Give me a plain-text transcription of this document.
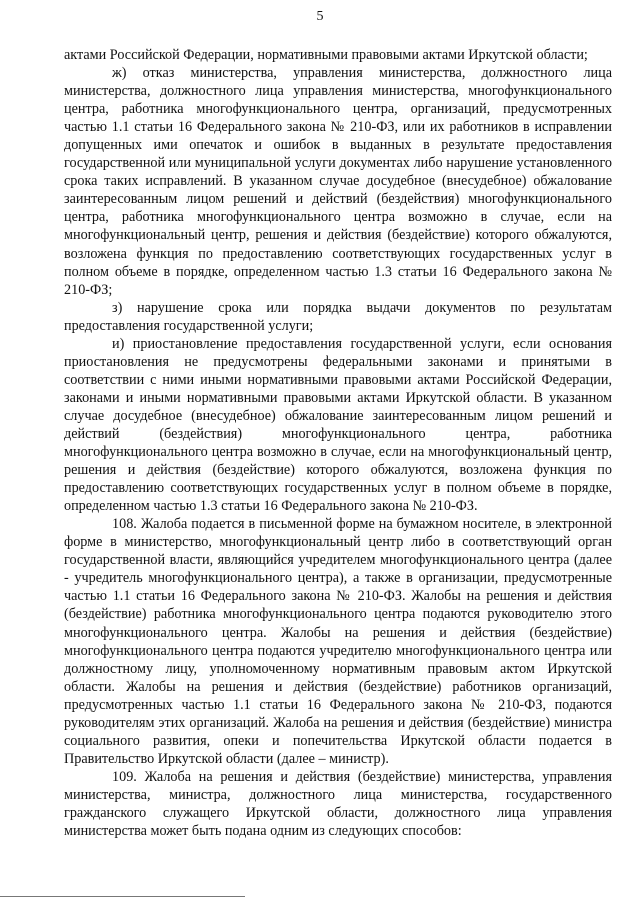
5

актами Российской Федерации, нормативными правовыми актами Иркутской области;

ж) отказ министерства, управления министерства, должностного лица министерства, должностного лица управления министерства, многофункционального центра, работника многофункционального центра, организаций, предусмотренных частью 1.1 статьи 16 Федерального закона № 210-ФЗ, или их работников в исправлении допущенных ими опечаток и ошибок в выданных в результате предоставления государственной или муниципальной услуги документах либо нарушение установленного срока таких исправлений. В указанном случае досудебное (внесудебное) обжалование заинтересованным лицом решений и действий (бездействия) многофункционального центра, работника многофункционального центра возможно в случае, если на многофункциональный центр, решения и действия (бездействие) которого обжалуются, возложена функция по предоставлению соответствующих государственных услуг в полном объеме в порядке, определенном частью 1.3 статьи 16 Федерального закона № 210-ФЗ;

з) нарушение срока или порядка выдачи документов по результатам предоставления государственной услуги;

и) приостановление предоставления государственной услуги, если основания приостановления не предусмотрены федеральными законами и принятыми в соответствии с ними иными нормативными правовыми актами Российской Федерации, законами и иными нормативными правовыми актами Иркутской области. В указанном случае досудебное (внесудебное) обжалование заинтересованным лицом решений и действий (бездействия) многофункционального центра, работника многофункционального центра возможно в случае, если на многофункциональный центр, решения и действия (бездействие) которого обжалуются, возложена функция по предоставлению соответствующих государственных услуг в полном объеме в порядке, определенном частью 1.3 статьи 16 Федерального закона № 210-ФЗ.

108. Жалоба подается в письменной форме на бумажном носителе, в электронной форме в министерство, многофункциональный центр либо в соответствующий орган государственной власти, являющийся учредителем многофункционального центра (далее - учредитель многофункционального центра), а также в организации, предусмотренные частью 1.1 статьи 16 Федерального закона № 210-ФЗ. Жалобы на решения и действия (бездействие) работника многофункционального центра подаются руководителю этого многофункционального центра. Жалобы на решения и действия (бездействие) многофункционального центра подаются учредителю многофункционального центра или должностному лицу, уполномоченному нормативным правовым актом Иркутской области. Жалобы на решения и действия (бездействие) работников организаций, предусмотренных частью 1.1 статьи 16 Федерального закона № 210-ФЗ, подаются руководителям этих организаций. Жалоба на решения и действия (бездействие) министра социального развития, опеки и попечительства Иркутской области подается в Правительство Иркутской области (далее – министр).

109. Жалоба на решения и действия (бездействие) министерства, управления министерства, министра, должностного лица министерства, государственного гражданского служащего Иркутской области, должностного лица управления министерства может быть подана одним из следующих способов:
